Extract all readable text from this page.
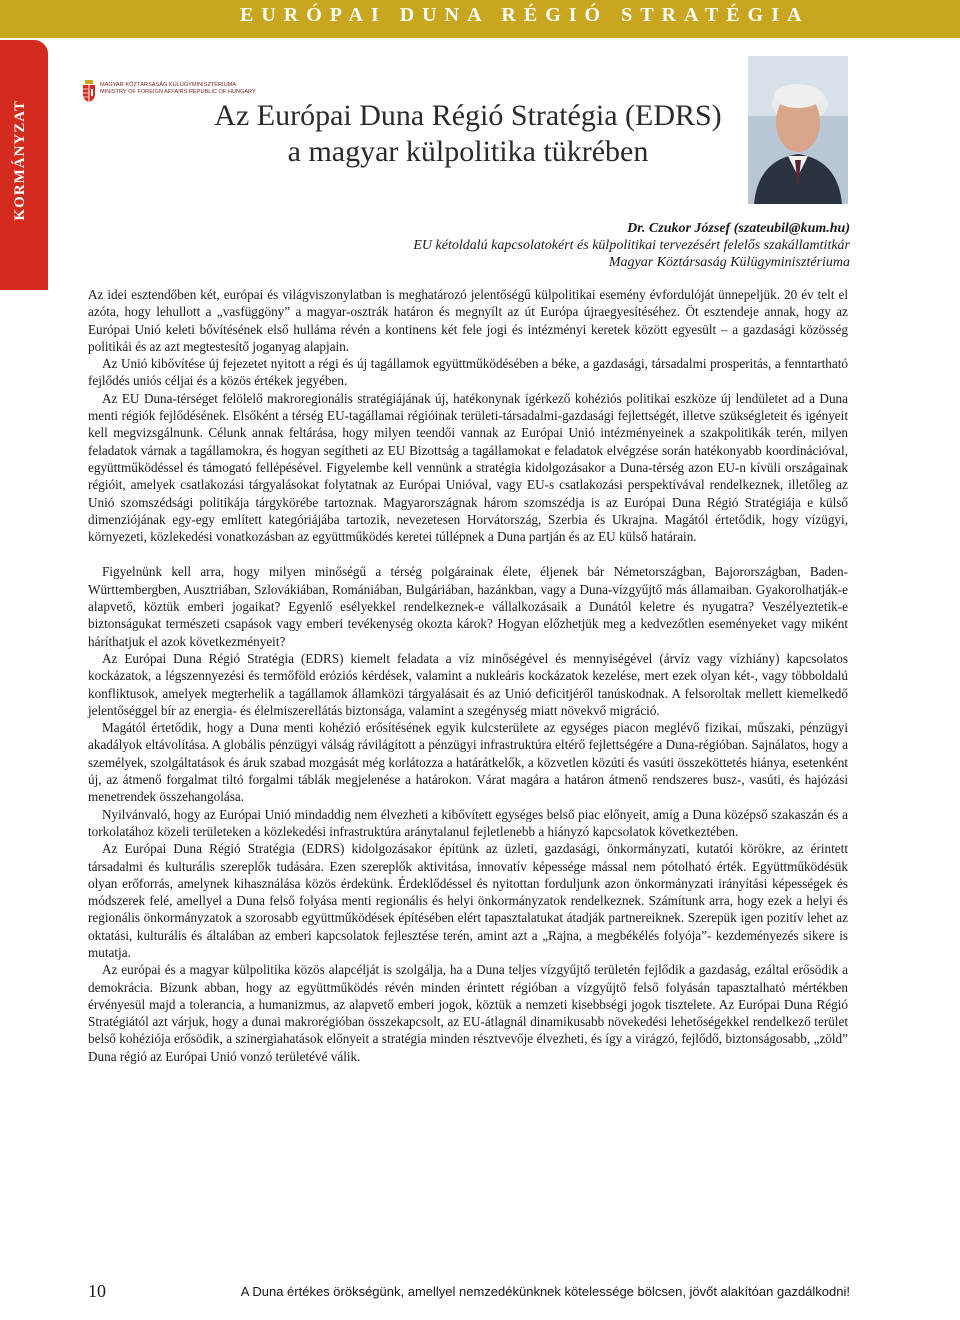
EURÓPAI DUNA RÉGIÓ STRATÉGIA
KORMÁNYZAT
MAGYAR KÖZTÁRSASÁG KÜLÜGYMINISZTÉRIUMA
MINISTRY OF FOREIGN AFFAIRS REPUBLIC OF HUNGARY
Az Európai Duna Régió Stratégia (EDRS)
a magyar külpolitika tükrében
Dr. Czukor József (szateubil@kum.hu)
EU kétoldalú kapcsolatokért és külpolitikai tervezésért felelős szakállamtitkár
Magyar Köztársaság Külügyminisztériuma

Az idei esztendőben két, európai és világviszonylatban is meghatározó jelentőségű külpolitikai esemény évfordulóját ünnepeljük. 20 év telt el azóta, hogy lehullott a „vasfüggöny” a magyar-osztrák határon és megnyílt az út Európa újraegyesítéséhez. Öt esztendeje annak, hogy az Európai Unió keleti bővítésének első hulláma révén a kontinens két fele jogi és intézményi keretek között egyesült – a gazdasági közösség politikái és az azt megtestesítő joganyag alapjain.

Az Unió kibővítése új fejezetet nyitott a régi és új tagállamok együttműködésében a béke, a gazdasági, társadalmi prosperitás, a fenntartható fejlődés uniós céljai és a közös értékek jegyében.

Az EU Duna-térséget felölelő makroregionális stratégiájának új, hatékonynak ígérkező kohéziós politikai eszköze új lendületet ad a Duna menti régiók fejlődésének. Elsőként a térség EU-tagállamai régióinak területi-társadalmi-gazdasági fejlettségét, illetve szükségleteit és igényeit kell megvizsgálnunk. Célunk annak feltárása, hogy milyen teendői vannak az Európai Unió intézményeinek a szakpolitikák terén, milyen feladatok várnak a tagállamokra, és hogyan segítheti az EU Bizottság a tagállamokat e feladatok elvégzése során hatékonyabb koordinációval, együttműködéssel és támogató fellépésével. Figyelembe kell vennünk a stratégia kidolgozásakor a Duna-térség azon EU-n kívüli országainak régióit, amelyek csatlakozási tárgyalásokat folytatnak az Európai Unióval, vagy EU-s csatlakozási perspektívával rendelkeznek, illetőleg az Unió szomszédsági politikája tárgykörébe tartoznak. Magyarországnak három szomszédja is az Európai Duna Régió Stratégiája e külső dimenziójának egy-egy említett kategóriájába tartozik, nevezetesen Horvátország, Szerbia és Ukrajna. Magától értetődik, hogy vízügyi, környezeti, közlekedési vonatkozásban az együttműködés keretei túllépnek a Duna partján és az EU külső határain.

Figyelnünk kell arra, hogy milyen minőségű a térség polgárainak élete, éljenek bár Németországban, Bajorországban, Baden-Württembergben, Ausztriában, Szlovákiában, Romániában, Bulgáriában, hazánkban, vagy a Duna-vízgyűjtő más államaiban. Gyakorolhatják-e alapvető, köztük emberi jogaikat? Egyenlő esélyekkel rendelkeznek-e vállalkozásaik a Dunától keletre és nyugatra? Veszélyeztetik-e biztonságukat természeti csapások vagy emberi tevékenység okozta károk? Hogyan előzhetjük meg a kedvezőtlen eseményeket vagy miként háríthatjuk el azok következményeit?

Az Európai Duna Régió Stratégia (EDRS) kiemelt feladata a víz minőségével és mennyiségével (árvíz vagy vízhiány) kapcsolatos kockázatok, a légszennyezési és termőföld eróziós kérdések, valamint a nukleáris kockázatok kezelése, mert ezek olyan két-, vagy többoldalú konfliktusok, amelyek megterhelik a tagállamok államközi tárgyalásait és az Unió deficitjéről tanúskodnak. A felsoroltak mellett kiemelkedő jelentőséggel bír az energia- és élelmiszerellátás biztonsága, valamint a szegénység miatt növekvő migráció.

Magától értetődik, hogy a Duna menti kohézió erősítésének egyik kulcsterülete az egységes piacon meglévő fizikai, műszaki, pénzügyi akadályok eltávolítása. A globális pénzügyi válság rávilágított a pénzügyi infrastruktúra eltérő fejlettségére a Duna-régióban. Sajnálatos, hogy a személyek, szolgáltatások és áruk szabad mozgását még korlátozza a határátkelők, a közvetlen közúti és vasúti összeköttetés hiánya, esetenként új, az átmenő forgalmat tiltó forgalmi táblák megjelenése a határokon. Várat magára a határon átmenő rendszeres busz-, vasúti, és hajózási menetrendek összehangolása.

Nyilvánvaló, hogy az Európai Unió mindaddig nem élvezheti a kibővített egységes belső piac előnyeit, amíg a Duna középső szakaszán és a torkolatához közeli területeken a közlekedési infrastruktúra aránytalanul fejletlenebb a hiányzó kapcsolatok következtében.

Az Európai Duna Régió Stratégia (EDRS) kidolgozásakor építünk az üzleti, gazdasági, önkormányzati, kutatói körökre, az érintett társadalmi és kulturális szereplők tudására. Ezen szereplők aktivitása, innovatív képessége mással nem pótolható érték. Együttműködésük olyan erőforrás, amelynek kihasználása közös érdekünk. Érdeklődéssel és nyitottan forduljunk azon önkormányzati irányítási képességek és módszerek felé, amellyel a Duna felső folyása menti regionális és helyi önkormányzatok rendelkeznek. Számítunk arra, hogy ezek a helyi és regionális önkormányzatok a szorosabb együttműködések építésében elért tapasztalatukat átadják partnereiknek. Szerepük igen pozitív lehet az oktatási, kulturális és általában az emberi kapcsolatok fejlesztése terén, amint azt a „Rajna, a megbékélés folyója”- kezdeményezés sikere is mutatja.

Az európai és a magyar külpolitika közös alapcélját is szolgálja, ha a Duna teljes vízgyűjtő területén fejlődik a gazdaság, ezáltal erősödik a demokrácia. Bízunk abban, hogy az együttműködés révén minden érintett régióban a vízgyűjtő felső folyásán tapasztalható mértékben érvényesül majd a tolerancia, a humanizmus, az alapvető emberi jogok, köztük a nemzeti kisebbségi jogok tisztelete. Az Európai Duna Régió Stratégiától azt várjuk, hogy a dunai makrorégióban összekapcsolt, az EU-átlagnál dinamikusabb növekedési lehetőségekkel rendelkező terület belső kohéziója erősödik, a szinergiahatások előnyeit a stratégia minden résztvevője élvezheti, és így a virágzó, fejlődő, biztonságosabb, „zöld” Duna régió az Európai Unió vonzó területévé válik.

10	A Duna értékes örökségünk, amellyel nemzedékünknek kötelessége bölcsen, jövőt alakítóan gazdálkodni!
